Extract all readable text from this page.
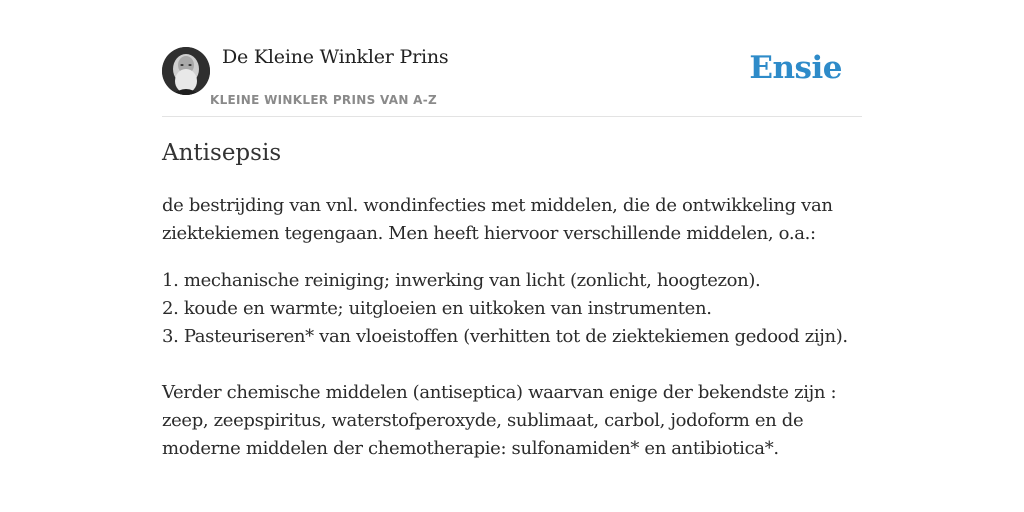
De Kleine Winkler Prins
KLEINE WINKLER PRINS VAN A-Z
Ensie
Antisepsis
de bestrijding van vnl. wondinfecties met middelen, die de ontwikkeling van
ziektekiemen tegengaan. Men heeft hiervoor verschillende middelen, o.a.:
1. mechanische reiniging; inwerking van licht (zonlicht, hoogtezon).
2. koude en warmte; uitgloeien en uitkoken van instrumenten.
3. Pasteuriseren* van vloeistoffen (verhitten tot de ziektekiemen gedood zijn).
Verder chemische middelen (antiseptica) waarvan enige der bekendste zijn :
zeep, zeepspiritus, waterstofperoxyde, sublimaat, carbol, jodoform en de
moderne middelen der chemotherapie: sulfonamiden* en antibiotica*.
